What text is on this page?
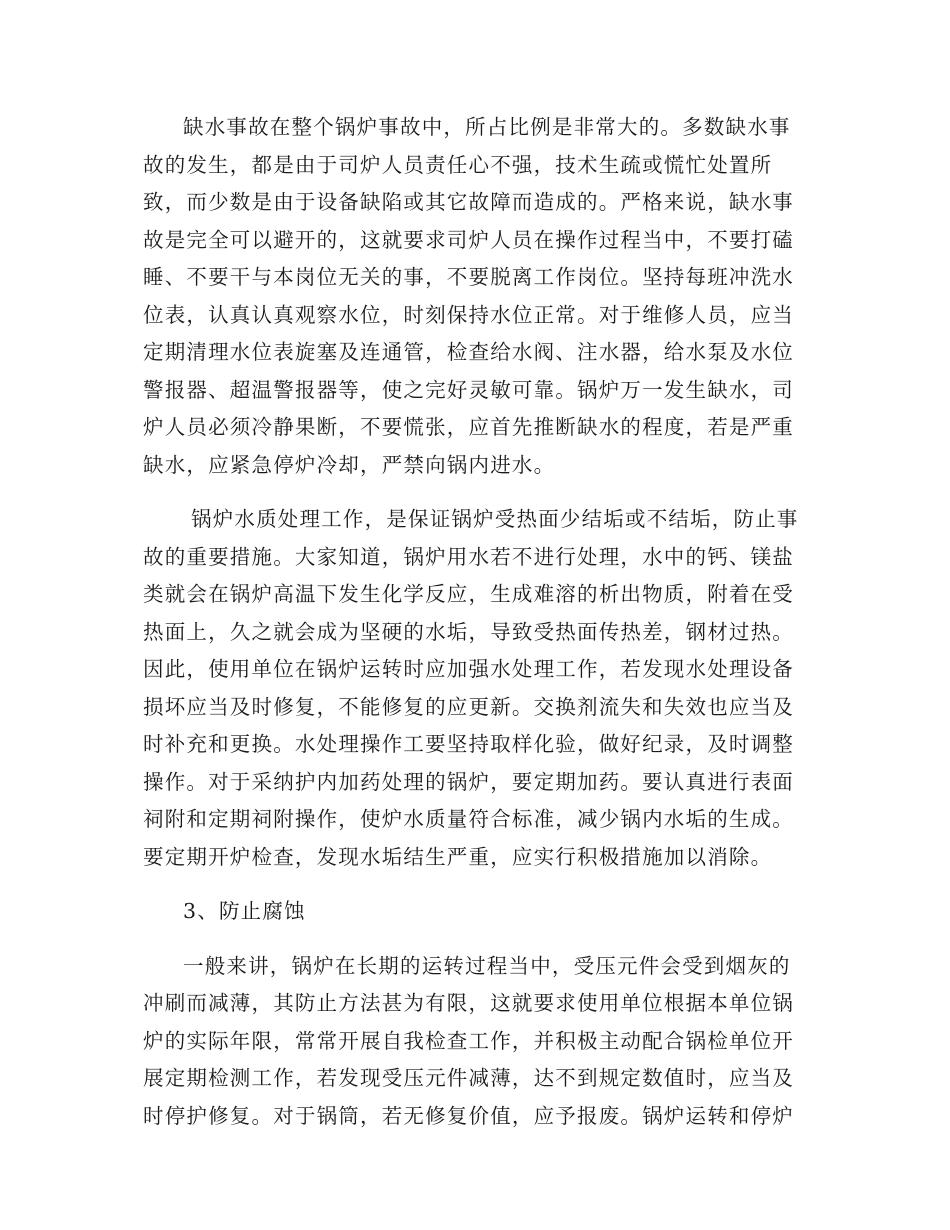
缺水事故在整个锅炉事故中，所占比例是非常大的。多数缺水事
故的发生，都是由于司炉人员责任心不强，技术生疏或慌忙处置所
致，而少数是由于设备缺陷或其它故障而造成的。严格来说，缺水事
故是完全可以避开的，这就要求司炉人员在操作过程当中，不要打磕
睡、不要干与本岗位无关的事，不要脱离工作岗位。坚持每班冲洗水
位表，认真认真观察水位，时刻保持水位正常。对于维修人员，应当
定期清理水位表旋塞及连通管，检查给水阀、注水器，给水泵及水位
警报器、超温警报器等，使之完好灵敏可靠。锅炉万一发生缺水，司
炉人员必须冷静果断，不要慌张，应首先推断缺水的程度，若是严重
缺水，应紧急停炉冷却，严禁向锅内进水。

锅炉水质处理工作，是保证锅炉受热面少结垢或不结垢，防止事
故的重要措施。大家知道，锅炉用水若不进行处理，水中的钙、镁盐
类就会在锅炉高温下发生化学反应，生成难溶的析出物质，附着在受
热面上，久之就会成为坚硬的水垢，导致受热面传热差，钢材过热。
因此，使用单位在锅炉运转时应加强水处理工作，若发现水处理设备
损坏应当及时修复，不能修复的应更新。交换剂流失和失效也应当及
时补充和更换。水处理操作工要坚持取样化验，做好纪录，及时调整
操作。对于采纳护内加药处理的锅炉，要定期加药。要认真进行表面
祠附和定期祠附操作，使炉水质量符合标准，减少锅内水垢的生成。
要定期开炉检查，发现水垢结生严重，应实行积极措施加以消除。

3、防止腐蚀

一般来讲，锅炉在长期的运转过程当中，受压元件会受到烟灰的
冲刷而减薄，其防止方法甚为有限，这就要求使用单位根据本单位锅
炉的实际年限，常常开展自我检查工作，并积极主动配合锅检单位开
展定期检测工作，若发现受压元件减薄，达不到规定数值时，应当及
时停护修复。对于锅筒，若无修复价值，应予报废。锅炉运转和停炉
